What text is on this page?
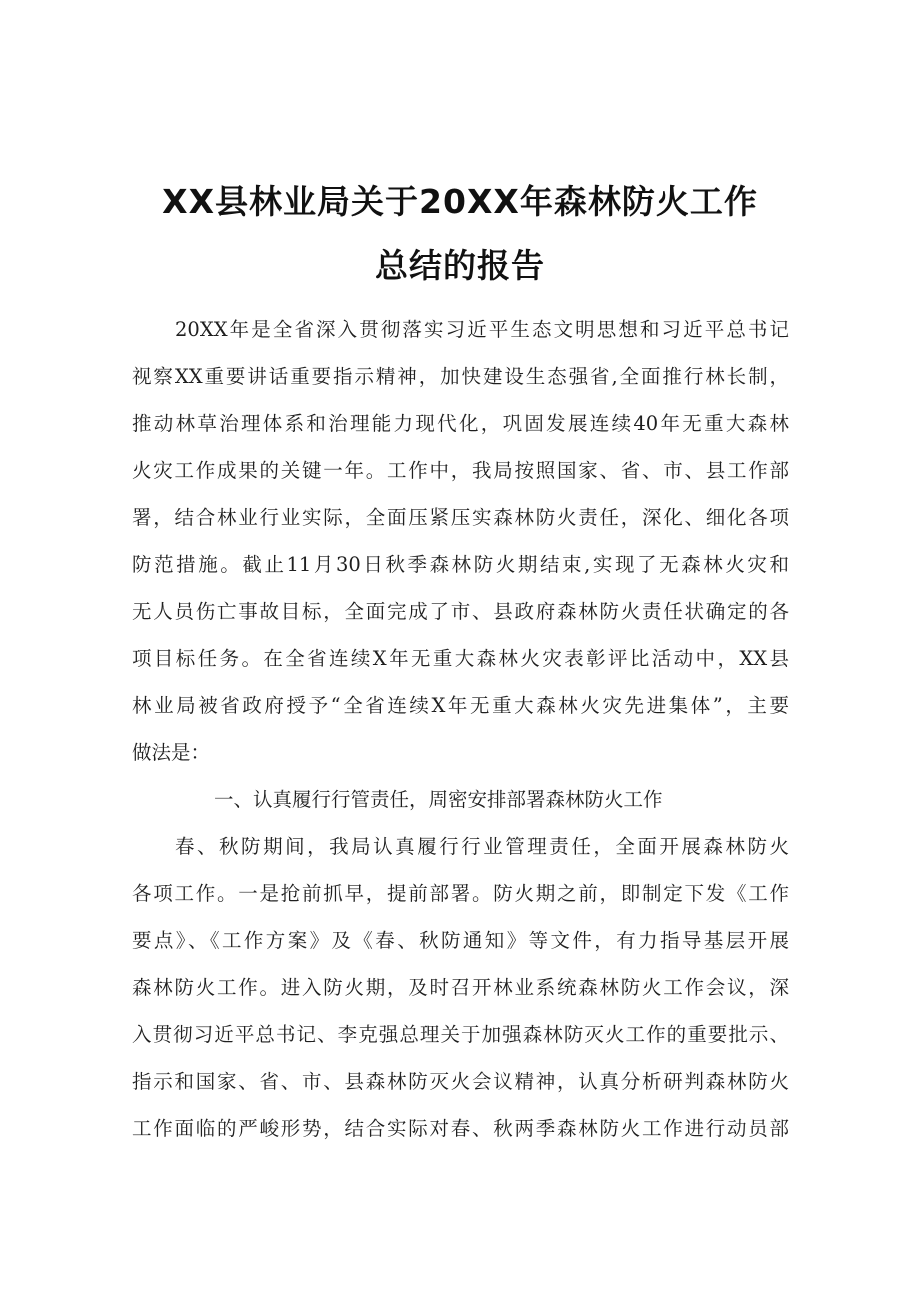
XX县林业局关于20XX年森林防火工作
总结的报告
20XX年是全省深入贯彻落实习近平生态文明思想和习近平总书记
视察XX重要讲话重要指示精神，加快建设生态强省,全面推行林长制，
推动林草治理体系和治理能力现代化，巩固发展连续40年无重大森林
火灾工作成果的关键一年。工作中，我局按照国家、省、市、县工作部
署，结合林业行业实际，全面压紧压实森林防火责任，深化、细化各项
防范措施。截止11月30日秋季森林防火期结束,实现了无森林火灾和
无人员伤亡事故目标，全面完成了市、县政府森林防火责任状确定的各
项目标任务。在全省连续X年无重大森林火灾表彰评比活动中，XX县
林业局被省政府授予“全省连续X年无重大森林火灾先进集体”，主要
做法是：
一、认真履行行管责任，周密安排部署森林防火工作
春、秋防期间，我局认真履行行业管理责任，全面开展森林防火
各项工作。一是抢前抓早，提前部署。防火期之前，即制定下发《工作
要点》、《工作方案》及《春、秋防通知》等文件，有力指导基层开展
森林防火工作。进入防火期，及时召开林业系统森林防火工作会议，深
入贯彻习近平总书记、李克强总理关于加强森林防灭火工作的重要批示、
指示和国家、省、市、县森林防灭火会议精神，认真分析研判森林防火
工作面临的严峻形势，结合实际对春、秋两季森林防火工作进行动员部
